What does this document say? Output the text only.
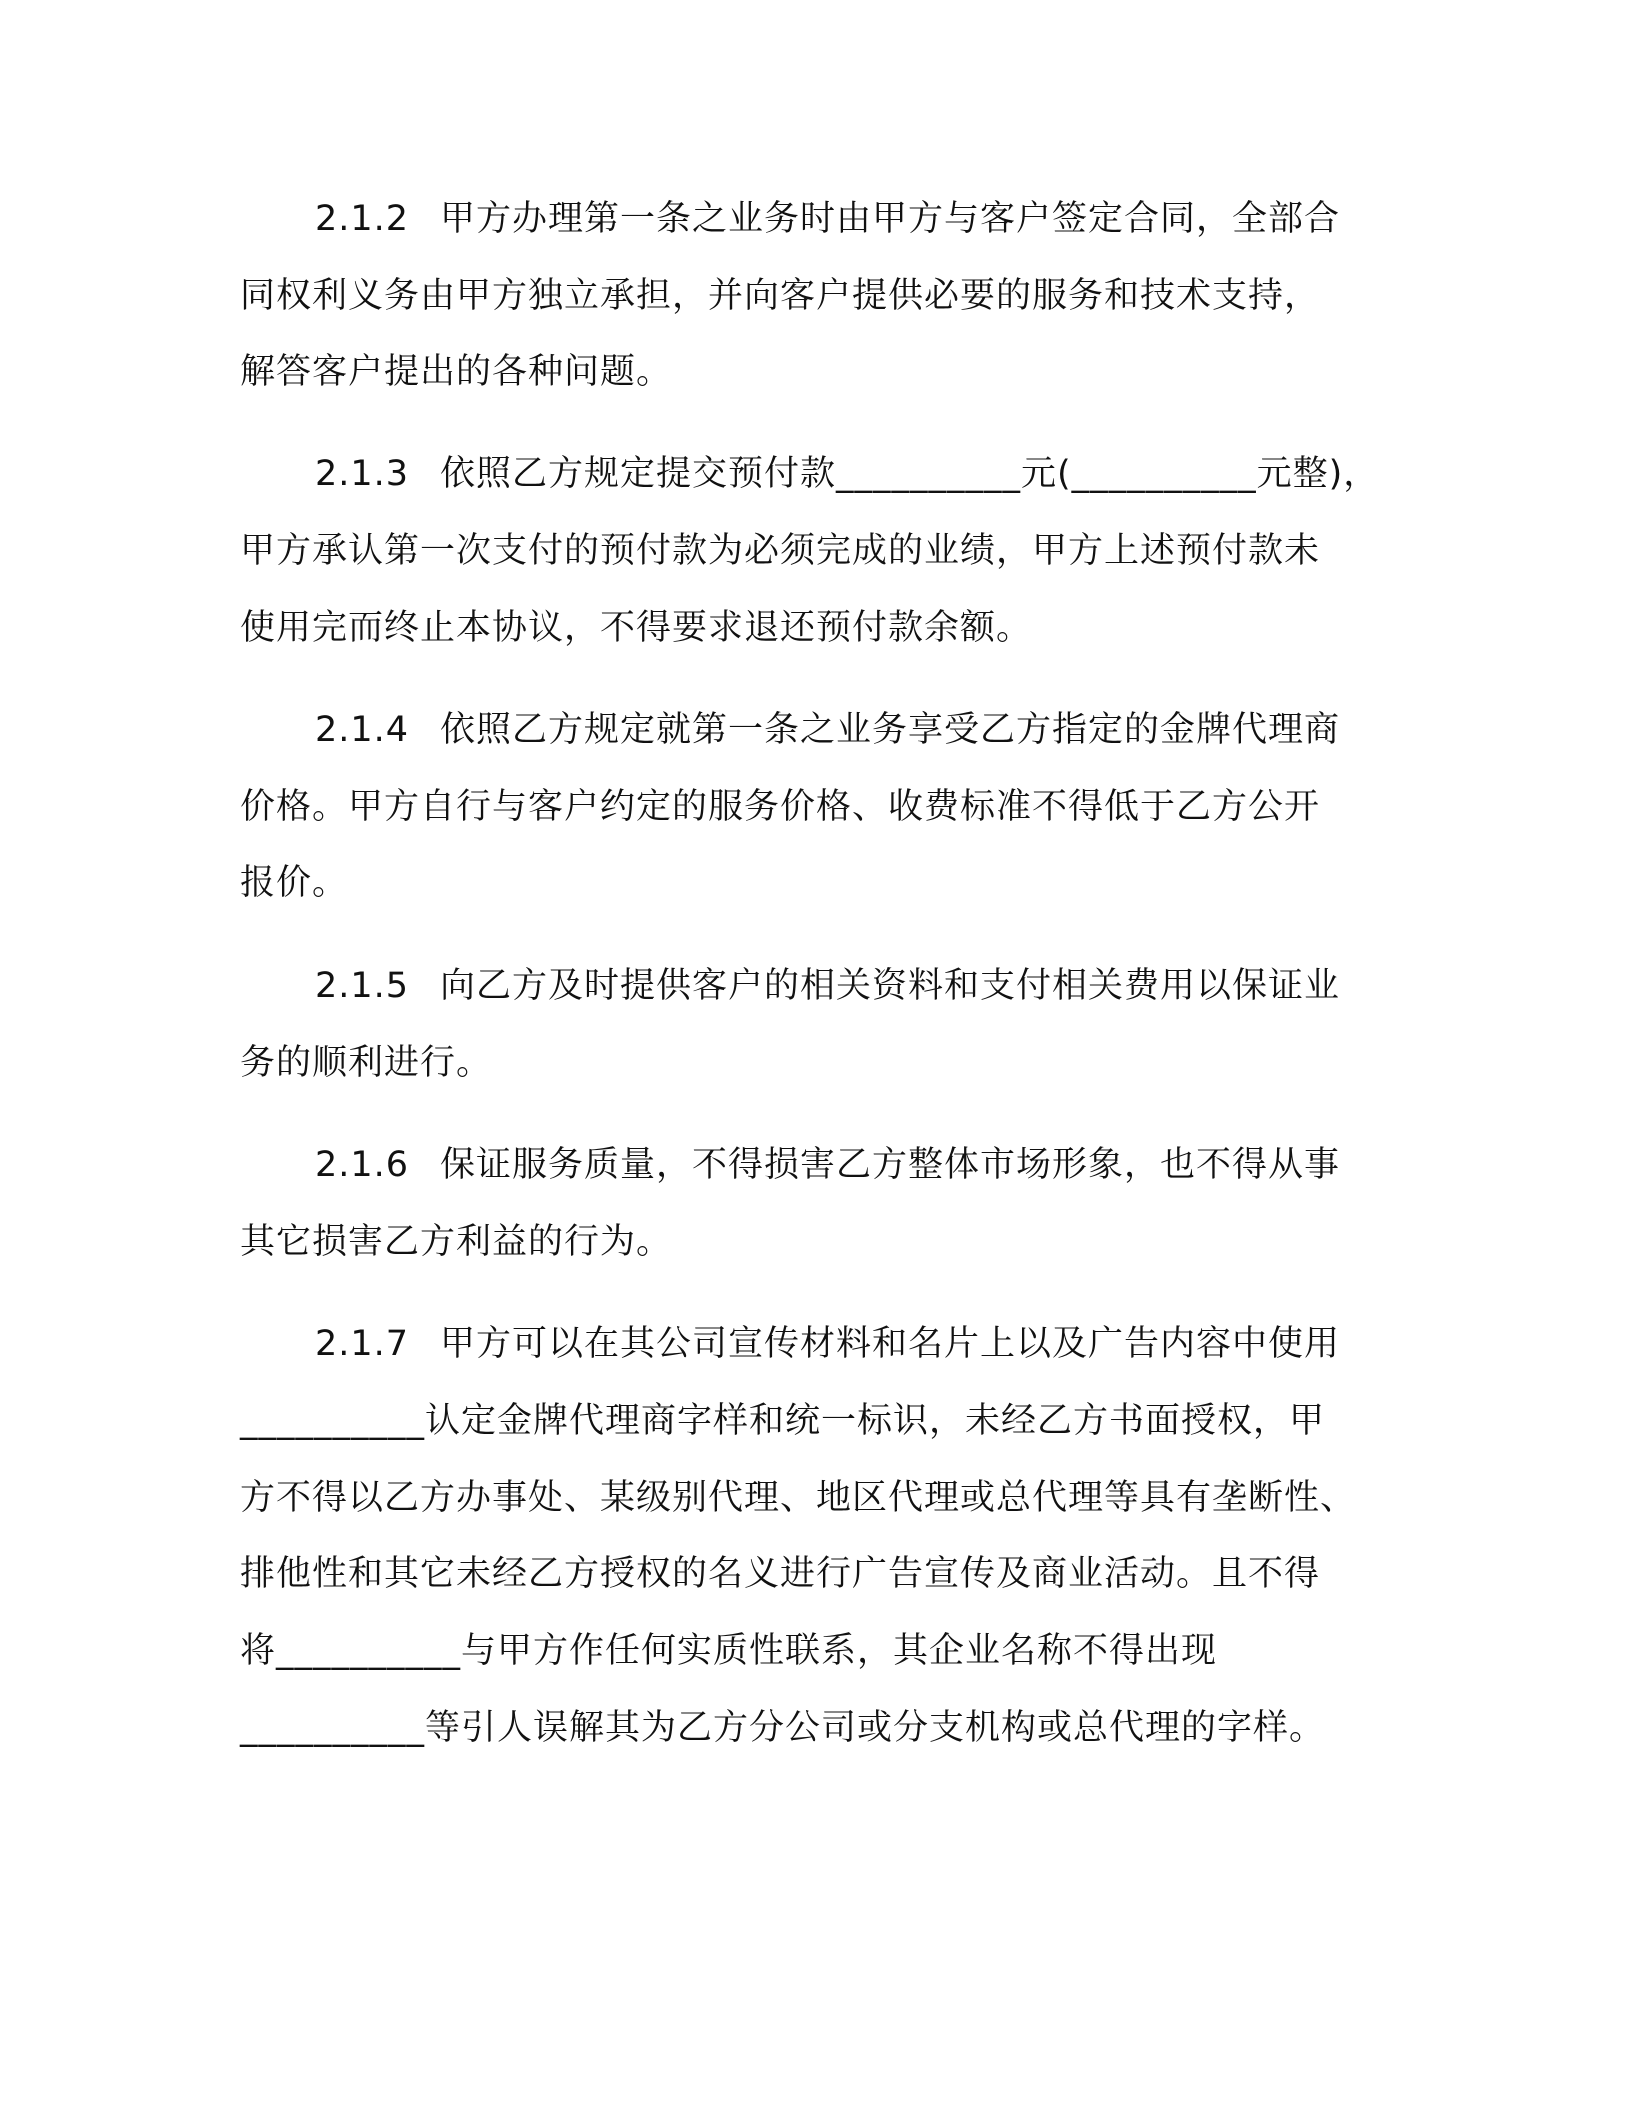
2.1.2 甲方办理第一条之业务时由甲方与客户签定合同，全部合
同权利义务由甲方独立承担，并向客户提供必要的服务和技术支持，
解答客户提出的各种问题。
2.1.3 依照乙方规定提交预付款__________元(__________元整)，
甲方承认第一次支付的预付款为必须完成的业绩，甲方上述预付款未
使用完而终止本协议，不得要求退还预付款余额。
2.1.4 依照乙方规定就第一条之业务享受乙方指定的金牌代理商
价格。甲方自行与客户约定的服务价格、收费标准不得低于乙方公开
报价。
2.1.5 向乙方及时提供客户的相关资料和支付相关费用以保证业
务的顺利进行。
2.1.6 保证服务质量，不得损害乙方整体市场形象，也不得从事
其它损害乙方利益的行为。
2.1.7 甲方可以在其公司宣传材料和名片上以及广告内容中使用
__________认定金牌代理商字样和统一标识，未经乙方书面授权，甲
方不得以乙方办事处、某级别代理、地区代理或总代理等具有垄断性、
排他性和其它未经乙方授权的名义进行广告宣传及商业活动。且不得
将__________与甲方作任何实质性联系，其企业名称不得出现
__________等引人误解其为乙方分公司或分支机构或总代理的字样。
